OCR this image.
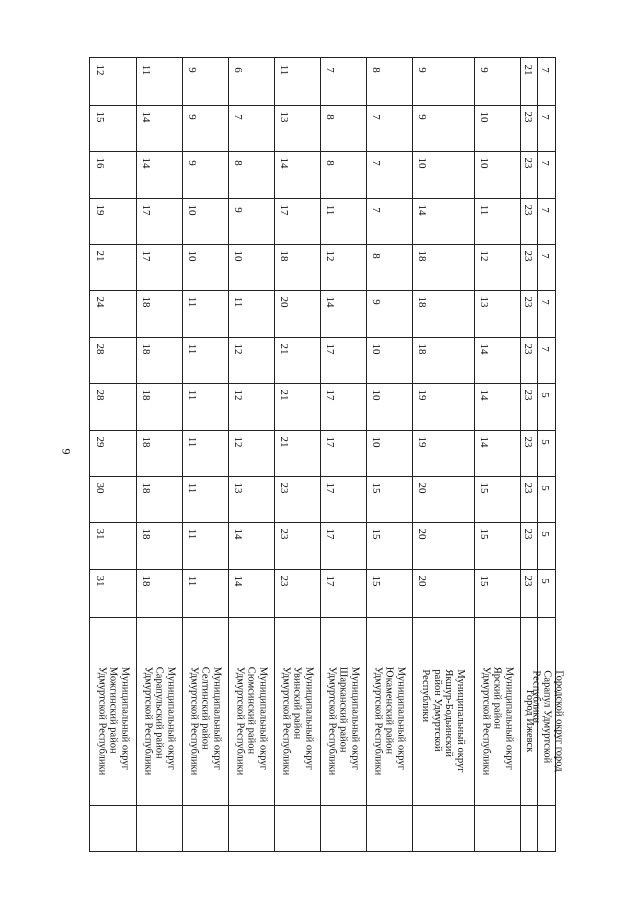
9
12
15
16
19
21
24
28
28
29
30
31
31
Муниципальный округ
Можгинский район
Удмуртской Республики
11
14
14
17
17
18
18
18
18
18
18
18
Муниципальный округ
Сарапульский район
Удмуртской Республики
9
9
9
10
10
11
11
11
11
11
11
11
Муниципальный округ
Селтинский район
Удмуртской Республики
6
7
8
9
10
11
12
12
12
13
14
14
Муниципальный округ
Сюмсинский район
Удмуртской Республики
11
13
14
17
18
20
21
21
21
23
23
23
Муниципальный округ
Увинский район
Удмуртской Республики
7
8
8
11
12
14
17
17
17
17
17
17
Муниципальный округ
Шарканский район
Удмуртской Республики
8
7
7
7
8
9
10
10
10
15
15
15
Муниципальный округ
Юкаменский район
Удмуртской Республики
9
9
10
14
18
18
18
19
19
20
20
20
Муниципальный округ
Якшур-Бодьинский
район Удмуртской
Республики
9
10
10
11
12
13
14
14
14
15
15
15
Муниципальный округ
Ярский район
Удмуртской Республики
21
23
23
23
23
23
23
23
23
23
23
23
Город Ижевск
7
7
7
7
7
7
7
5
5
5
5
5
Городской округ город
Сарапул Удмуртской
Республики
